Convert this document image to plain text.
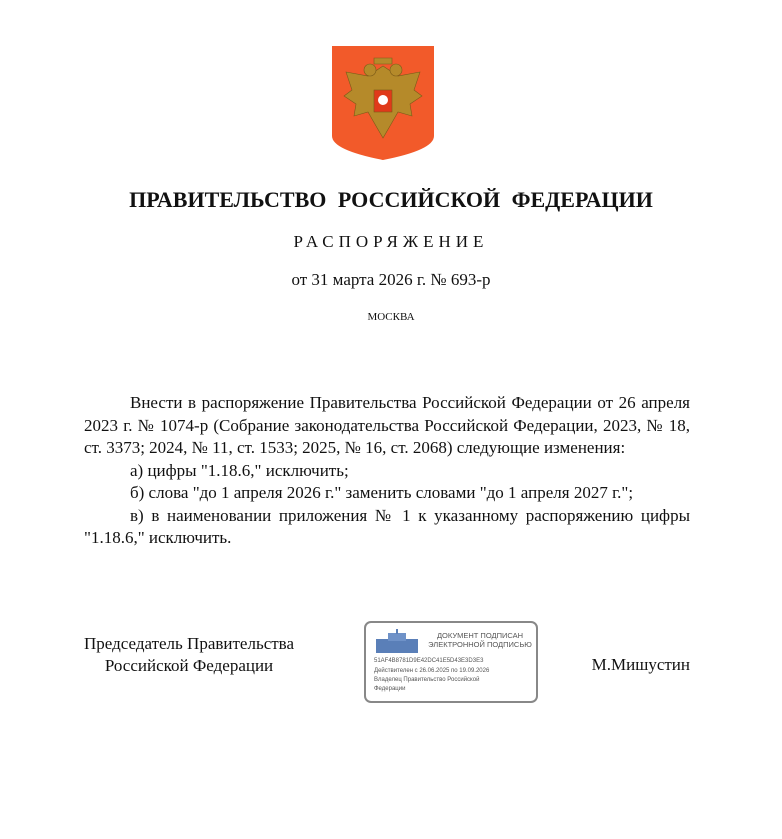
ПРАВИТЕЛЬСТВО РОССИЙСКОЙ ФЕДЕРАЦИИ
РАСПОРЯЖЕНИЕ
от 31 марта 2026 г. № 693-р
МОСКВА

Внести в распоряжение Правительства Российской Федерации от 26 апреля 2023 г. № 1074-р (Собрание законодательства Российской Федерации, 2023, № 18, ст. 3373; 2024, № 11, ст. 1533; 2025, № 16, ст. 2068) следующие изменения:

а) цифры "1.18.6," исключить;

б) слова "до 1 апреля 2026 г." заменить словами "до 1 апреля 2027 г.";

в) в наименовании приложения № 1 к указанному распоряжению цифры "1.18.6," исключить.

Председатель Правительства
Российской Федерации
ДОКУМЕНТ ПОДПИСАН
ЭЛЕКТРОННОЙ ПОДПИСЬЮ
51AF4B8781D9E42DC41E5D43E3D3E3
Действителен с 26.06.2025 по 19.09.2026
Владелец Правительство Российской
Федерации
М.Мишустин
